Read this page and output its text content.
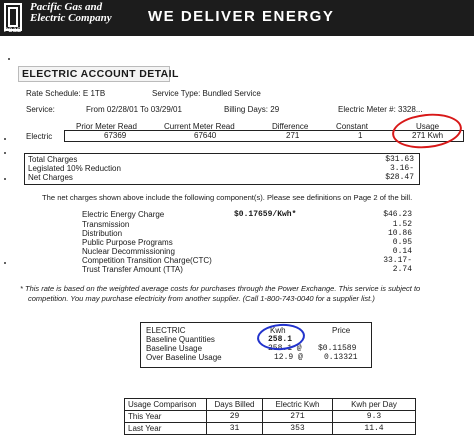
Pacific Gas and
Electric Company
PG&E
WE DELIVER ENERGY
ELECTRIC ACCOUNT DETAIL
Rate Schedule: E 1TB	Service Type: Bundled Service
Service:	From 02/28/01 To 03/29/01	Billing Days: 29	Electric Meter #: 3328...
Prior Meter Read	Current Meter Read	Difference	Constant	Usage
Electric	67369	67640	271	1	271 Kwh
Total Charges	$31.63
Legislated 10% Reduction	3.16-
Net Charges	$28.47
The net charges shown above include the following component(s). Please see definitions on Page 2 of the bill.
Electric Energy Charge	$0.17659/Kwh*	$46.23
Transmission	1.52
Distribution	10.86
Public Purpose Programs	0.95
Nuclear Decommissioning	0.14
Competition Transition Charge(CTC)	33.17-
Trust Transfer Amount (TTA)	2.74
* This rate is based on the weighted average costs for purchases through the Power Exchange. This service is subject to
competition. You may purchase electricity from another supplier. (Call 1-800-743-0040 for a supplier list.)
ELECTRIC	Kwh	Price
Baseline Quantities	258.1
Baseline Usage	258.1 @ $0.11589
Over Baseline Usage	12.9 @	0.13321
Usage Comparison	Days Billed	Electric Kwh	Kwh per Day
This Year	29	271	9.3
Last Year	31	353	11.4
